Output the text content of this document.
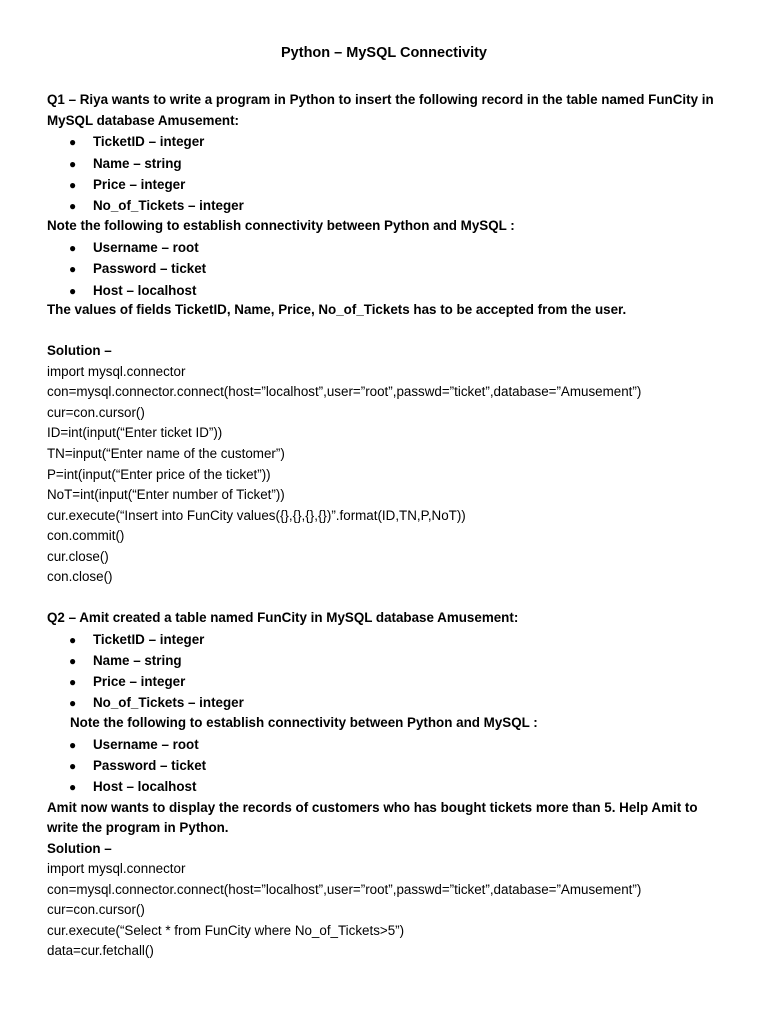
Python – MySQL Connectivity
Q1 – Riya wants to write a program in Python to insert the following record in the table named FunCity in
MySQL database Amusement:
● TicketID – integer
● Name – string
● Price – integer
● No_of_Tickets – integer
Note the following to establish connectivity between Python and MySQL :
● Username – root
● Password – ticket
● Host – localhost
The values of fields TicketID, Name, Price, No_of_Tickets has to be accepted from the user.
Solution –
import mysql.connector
con=mysql.connector.connect(host=”localhost”,user=”root”,passwd=”ticket”,database=”Amusement”)
cur=con.cursor()
ID=int(input(“Enter ticket ID”))
TN=input(“Enter name of the customer”)
P=int(input(“Enter price of the ticket”))
NoT=int(input(“Enter number of Ticket”))
cur.execute(“Insert into FunCity values({},{},{},{})”.format(ID,TN,P,NoT))
con.commit()
cur.close()
con.close()
Q2 – Amit created a table named FunCity in MySQL database Amusement:
● TicketID – integer
● Name – string
● Price – integer
● No_of_Tickets – integer
Note the following to establish connectivity between Python and MySQL :
● Username – root
● Password – ticket
● Host – localhost
Amit now wants to display the records of customers who has bought tickets more than 5. Help Amit to
write the program in Python.
Solution –
import mysql.connector
con=mysql.connector.connect(host=”localhost”,user=”root”,passwd=”ticket”,database=”Amusement”)
cur=con.cursor()
cur.execute(“Select * from FunCity where No_of_Tickets>5”)
data=cur.fetchall()
